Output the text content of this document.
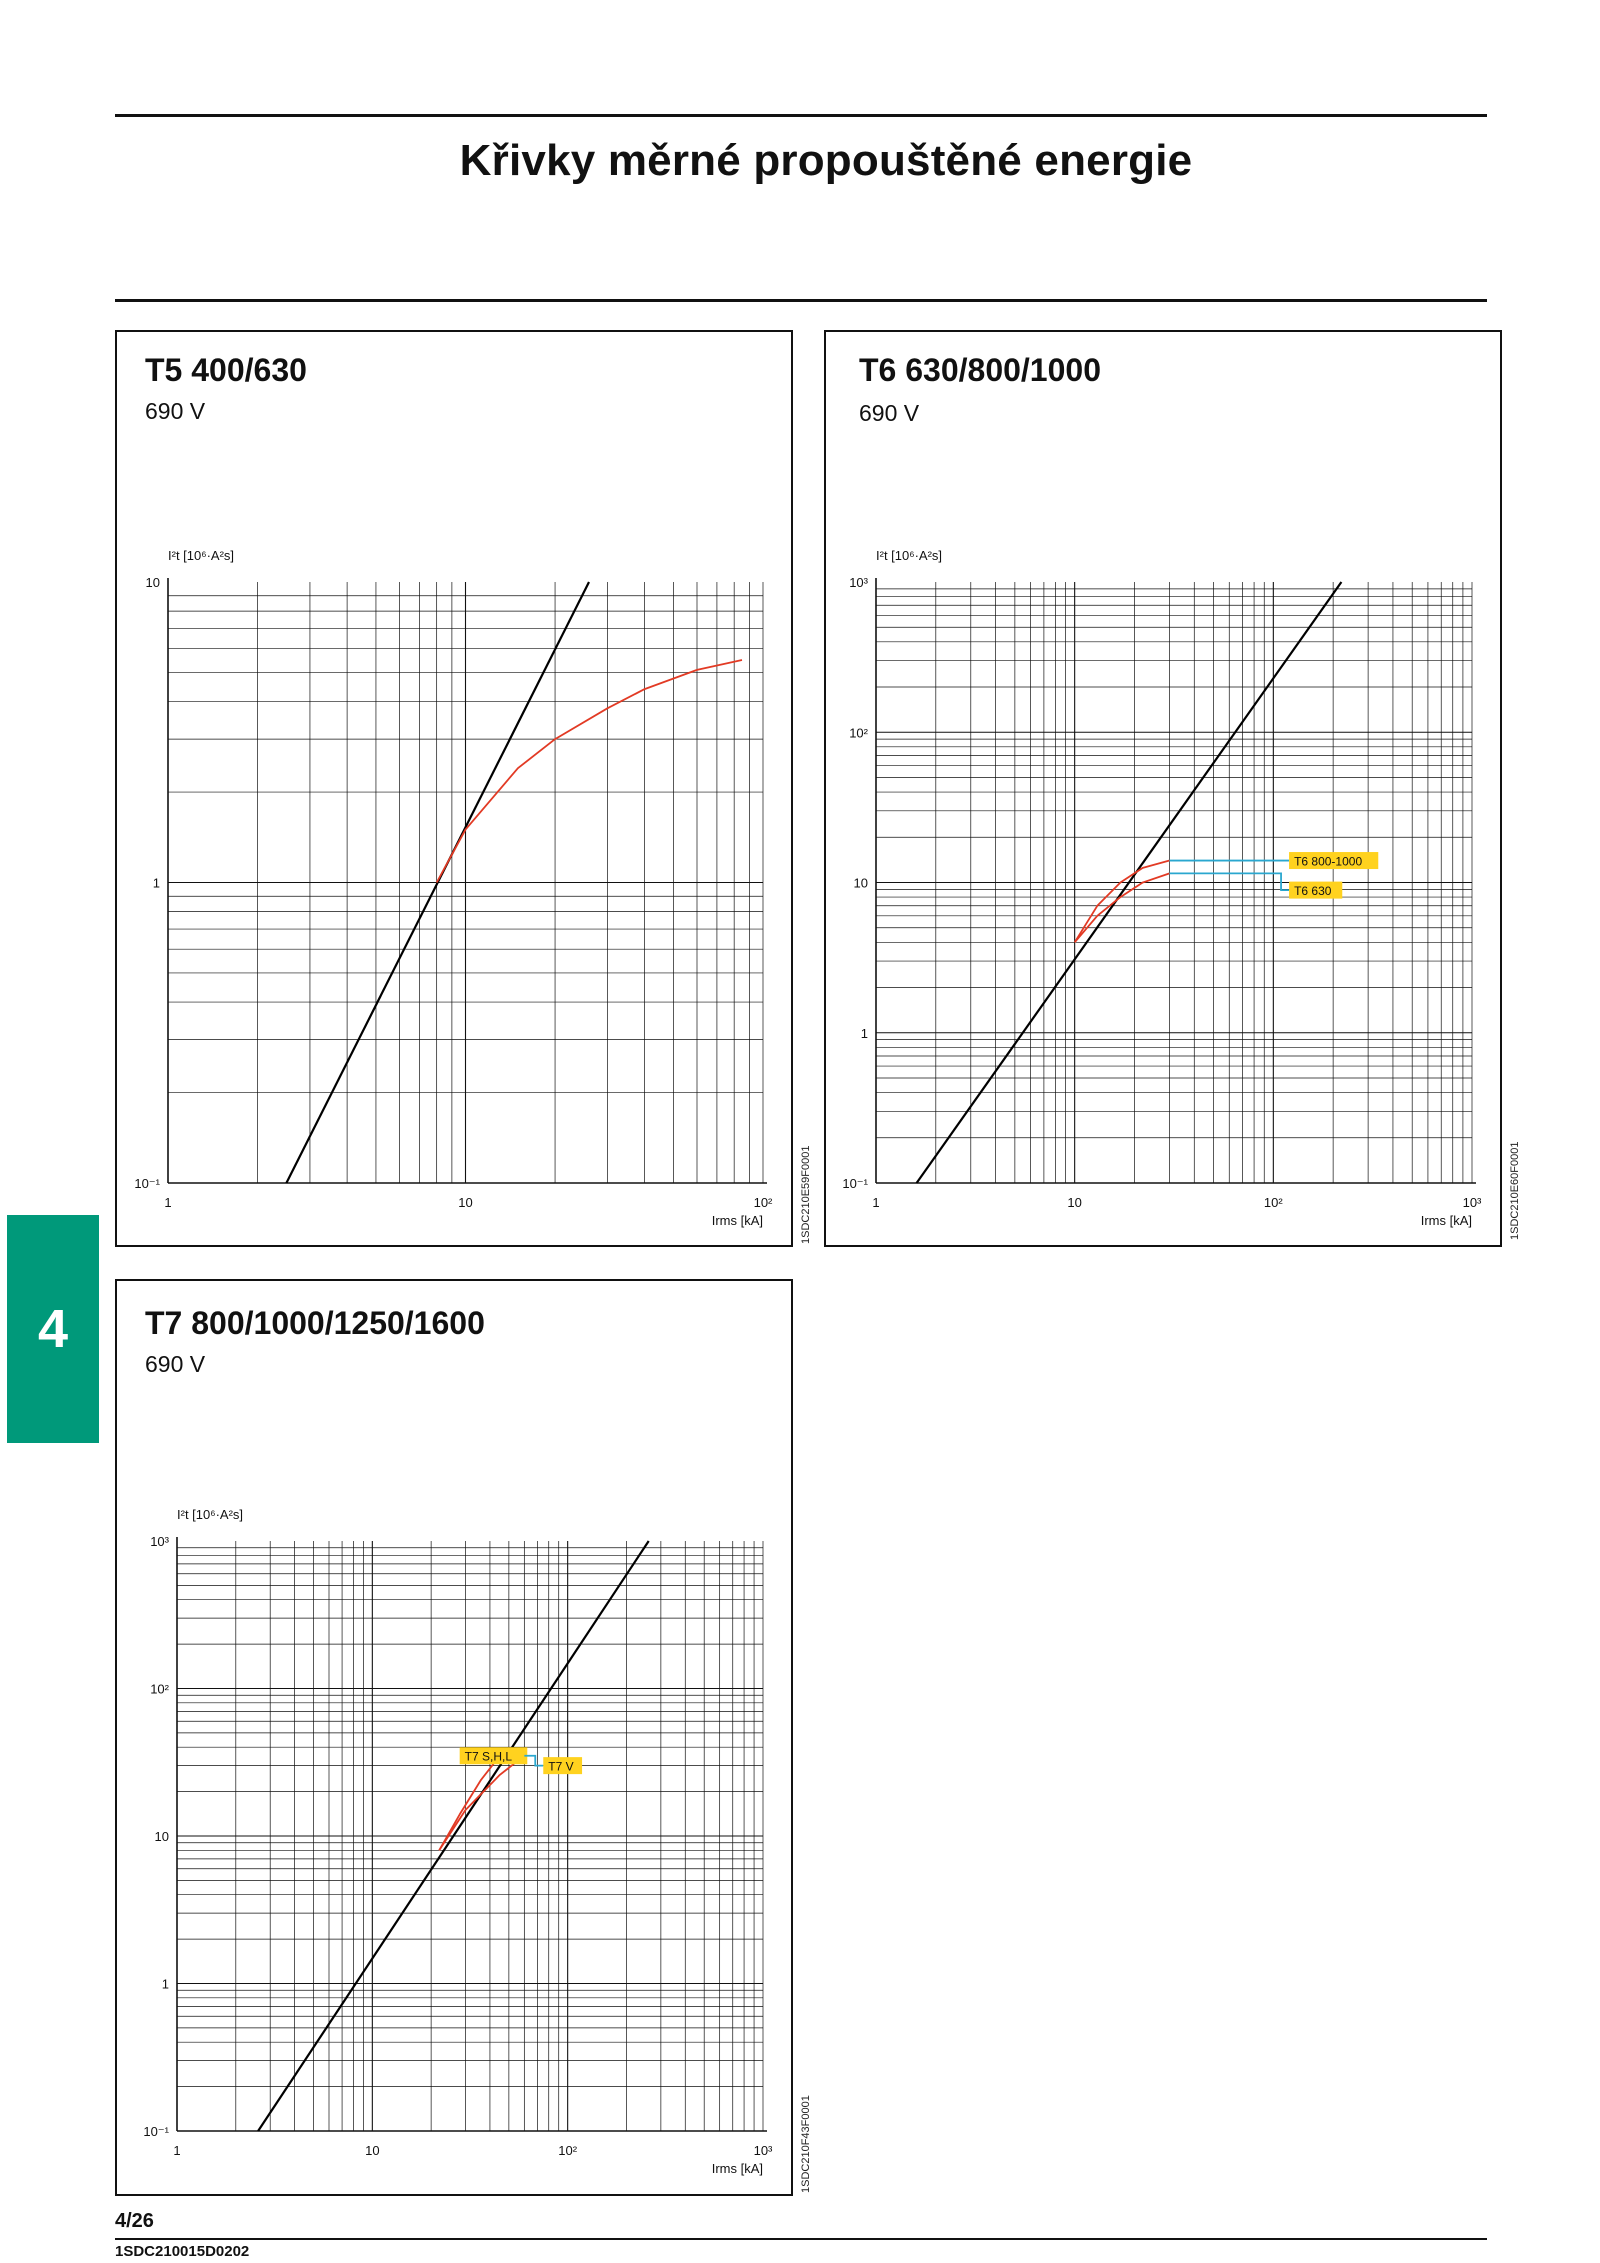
Křivky měrné propouštěné energie
T5 400/630
690 V
10⁻¹
1
10
1	10	10²
I²t [10⁶·A²s]
Irms [kA]	1SDC210E59F0001
T6 630/800/1000
690 V
10⁻¹
1
10
10²
10³
1	10	10²	10³
I²t [10⁶·A²s]
Irms [kA]
T6 800-1000
T6 630
1SDC210E60F0001
T7 800/1000/1250/1600
690 V
10⁻¹
1
10
10²
10³
1	10	10²	10³
I²t [10⁶·A²s]
Irms [kA]
T7 S,H,L
T7 V
1SDC210F43F0001
4
4/26
1SDC210015D0202
